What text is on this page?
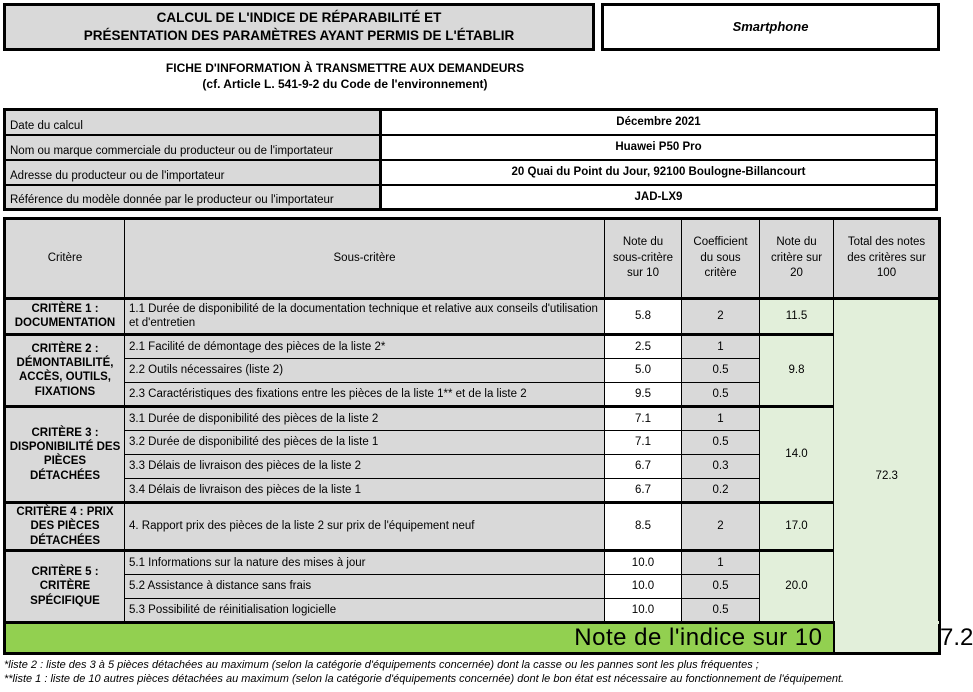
CALCUL DE L'INDICE DE RÉPARABILITÉ ET
PRÉSENTATION DES PARAMÈTRES AYANT PERMIS DE L'ÉTABLIR
Smartphone
FICHE D'INFORMATION À TRANSMETTRE AUX DEMANDEURS
(cf. Article L. 541-9-2 du Code de l'environnement)
Date du calcul	Décembre 2021
Nom ou marque commerciale du producteur ou de l'importateur	Huawei P50 Pro
Adresse du producteur ou de l'importateur	20 Quai du Point du Jour, 92100 Boulogne-Billancourt
Référence du modèle donnée par le producteur ou l'importateur	JAD-LX9
Critère	Sous-critère	Note du sous-critère sur 10	Coefficient du sous critère	Note du critère sur 20	Total des notes des critères sur 100	
CRITÈRE 1 : DOCUMENTATION	1.1 Durée de disponibilité de la documentation technique et relative aux conseils d'utilisation et d'entretien	5.8	2	11.5	72.3	
CRITÈRE 2 : DÉMONTABILITÉ, ACCÈS, OUTILS, FIXATIONS	2.1 Facilité de démontage des pièces de la liste 2*	2.5	1	9.8		
	2.2 Outils nécessaires (liste 2)	5.0	0.5			
	2.3 Caractéristiques des fixations entre les pièces de la liste 1** et de la liste 2	9.5	0.5			
CRITÈRE 3 : DISPONIBILITÉ DES PIÈCES DÉTACHÉES	3.1 Durée de disponibilité des pièces de la liste 2	7.1	1	14.0		
	3.2 Durée de disponibilité des pièces de la liste 1	7.1	0.5			
	3.3 Délais de livraison des pièces de la liste 2	6.7	0.3			
	3.4 Délais de livraison des pièces de la liste 1	6.7	0.2			
CRITÈRE 4 : PRIX DES PIÈCES DÉTACHÉES	4. Rapport prix des pièces de la liste 2 sur prix de l'équipement neuf	8.5	2	17.0		
CRITÈRE 5 : CRITÈRE SPÉCIFIQUE	5.1 Informations sur la nature des mises à jour	10.0	1	20.0		
	5.2 Assistance à distance sans frais	10.0	0.5			
	5.3 Possibilité de réinitialisation logicielle	10.0	0.5			
Note de l'indice sur 10						7.2
*liste 2 : liste des 3 à 5 pièces détachées au maximum (selon la catégorie d'équipements concernée) dont la casse ou les pannes sont les plus fréquentes ;
**liste 1 : liste de 10 autres pièces détachées au maximum (selon la catégorie d'équipements concernée) dont le bon état est nécessaire au fonctionnement de l'équipement.
